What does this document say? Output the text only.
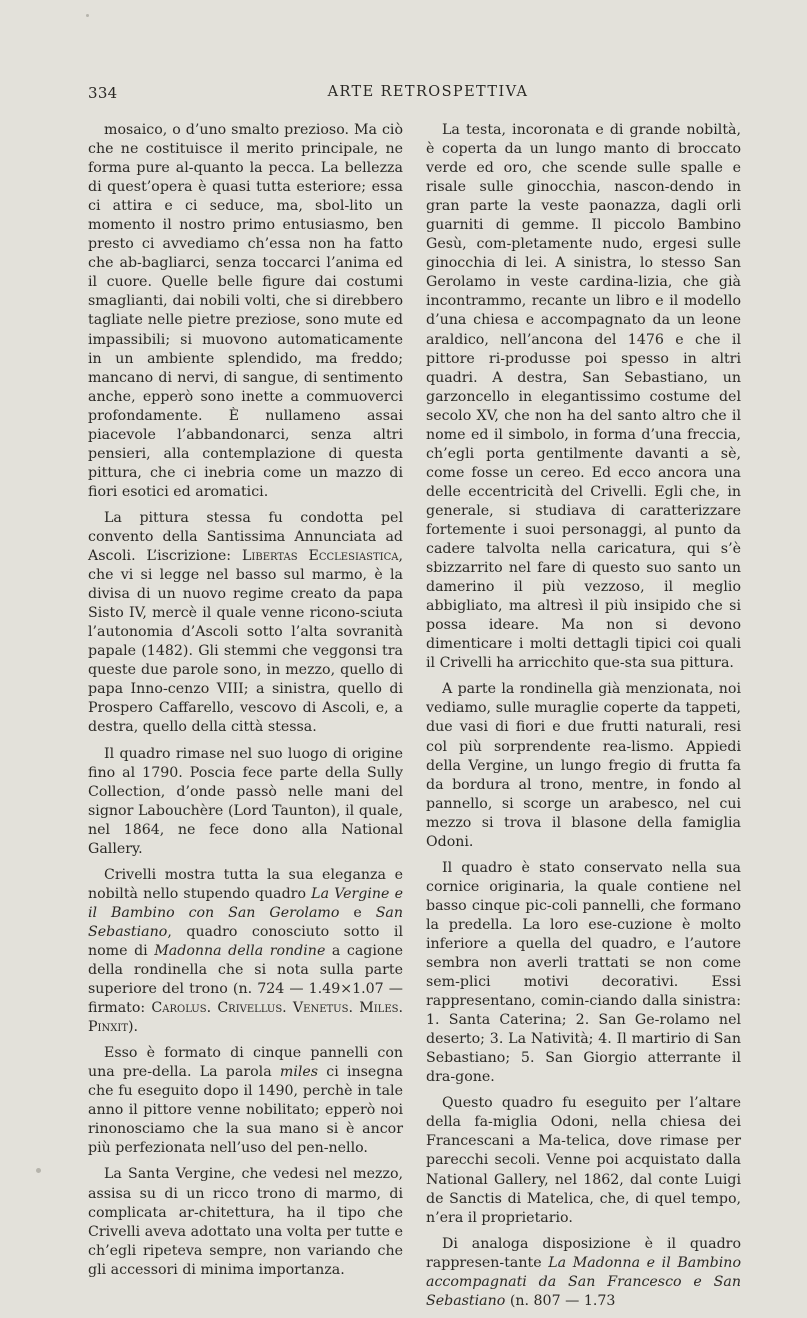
334	ARTE RETROSPETTIVA

mosaico, o d’uno smalto prezioso. Ma ciò che ne costituisce il merito principale, ne forma pure al-quanto la pecca. La bellezza di quest’opera è quasi tutta esteriore; essa ci attira e ci seduce, ma, sbol-lito un momento il nostro primo entusiasmo, ben presto ci avvediamo ch’essa non ha fatto che ab-bagliarci, senza toccarci l’anima ed il cuore. Quelle belle figure dai costumi smaglianti, dai nobili volti, che si direbbero tagliate nelle pietre preziose, sono mute ed impassibili; si muovono automaticamente in un ambiente splendido, ma freddo; mancano di nervi, di sangue, di sentimento anche, epperò sono inette a commuoverci profondamente. È nullameno assai piacevole l’abbandonarci, senza altri pensieri, alla contemplazione di questa pittura, che ci inebria come un mazzo di fiori esotici ed aromatici.

La pittura stessa fu condotta pel convento della Santissima Annunciata ad Ascoli. L’iscrizione: Libertas Ecclesiastica, che vi si legge nel basso sul marmo, è la divisa di un nuovo regime creato da papa Sisto IV, mercè il quale venne ricono-sciuta l’autonomia d’Ascoli sotto l’alta sovranità papale (1482). Gli stemmi che veggonsi tra queste due parole sono, in mezzo, quello di papa Inno-cenzo VIII; a sinistra, quello di Prospero Caffarello, vescovo di Ascoli, e, a destra, quello della città stessa.

Il quadro rimase nel suo luogo di origine fino al 1790. Poscia fece parte della Sully Collection, d’onde passò nelle mani del signor Labouchère (Lord Taunton), il quale, nel 1864, ne fece dono alla National Gallery.

Crivelli mostra tutta la sua eleganza e nobiltà nello stupendo quadro La Vergine e il Bambino con San Gerolamo e San Sebastiano, quadro conosciuto sotto il nome di Madonna della rondine a cagione della rondinella che si nota sulla parte superiore del trono (n. 724 — 1.49×1.07 — firmato: Carolus. Crivellus. Venetus. Miles. Pinxit).

Esso è formato di cinque pannelli con una pre-della. La parola miles ci insegna che fu eseguito dopo il 1490, perchè in tale anno il pittore venne nobilitato; epperò noi rinonosciamo che la sua mano si è ancor più perfezionata nell’uso del pen-nello.

La Santa Vergine, che vedesi nel mezzo, assisa su di un ricco trono di marmo, di complicata ar-chitettura, ha il tipo che Crivelli aveva adottato una volta per tutte e ch’egli ripeteva sempre, non variando che gli accessori di minima importanza.

La testa, incoronata e di grande nobiltà, è coperta da un lungo manto di broccato verde ed oro, che scende sulle spalle e risale sulle ginocchia, nascon-dendo in gran parte la veste paonazza, dagli orli guarniti di gemme. Il piccolo Bambino Gesù, com-pletamente nudo, ergesi sulle ginocchia di lei. A sinistra, lo stesso San Gerolamo in veste cardina-lizia, che già incontrammo, recante un libro e il modello d’una chiesa e accompagnato da un leone araldico, nell’ancona del 1476 e che il pittore ri-produsse poi spesso in altri quadri. A destra, San Sebastiano, un garzoncello in elegantissimo costume del secolo XV, che non ha del santo altro che il nome ed il simbolo, in forma d’una freccia, ch’egli porta gentilmente davanti a sè, come fosse un cereo. Ed ecco ancora una delle eccentricità del Crivelli. Egli che, in generale, si studiava di caratterizzare fortemente i suoi personaggi, al punto da cadere talvolta nella caricatura, qui s’è sbizzarrito nel fare di questo suo santo un damerino il più vezzoso, il meglio abbigliato, ma altresì il più insipido che si possa ideare. Ma non si devono dimenticare i molti dettagli tipici coi quali il Crivelli ha arricchito que-sta sua pittura.

A parte la rondinella già menzionata, noi vediamo, sulle muraglie coperte da tappeti, due vasi di fiori e due frutti naturali, resi col più sorprendente rea-lismo. Appiedi della Vergine, un lungo fregio di frutta fa da bordura al trono, mentre, in fondo al pannello, si scorge un arabesco, nel cui mezzo si trova il blasone della famiglia Odoni.

Il quadro è stato conservato nella sua cornice originaria, la quale contiene nel basso cinque pic-coli pannelli, che formano la predella. La loro ese-cuzione è molto inferiore a quella del quadro, e l’autore sembra non averli trattati se non come sem-plici motivi decorativi. Essi rappresentano, comin-ciando dalla sinistra: 1. Santa Caterina; 2. San Ge-rolamo nel deserto; 3. La Natività; 4. Il martirio di San Sebastiano; 5. San Giorgio atterrante il dra-gone.

Questo quadro fu eseguito per l’altare della fa-miglia Odoni, nella chiesa dei Francescani a Ma-telica, dove rimase per parecchi secoli. Venne poi acquistato dalla National Gallery, nel 1862, dal conte Luigi de Sanctis di Matelica, che, di quel tempo, n’era il proprietario.

Di analoga disposizione è il quadro rappresen-tante La Madonna e il Bambino accompagnati da San Francesco e San Sebastiano (n. 807 — 1.73
